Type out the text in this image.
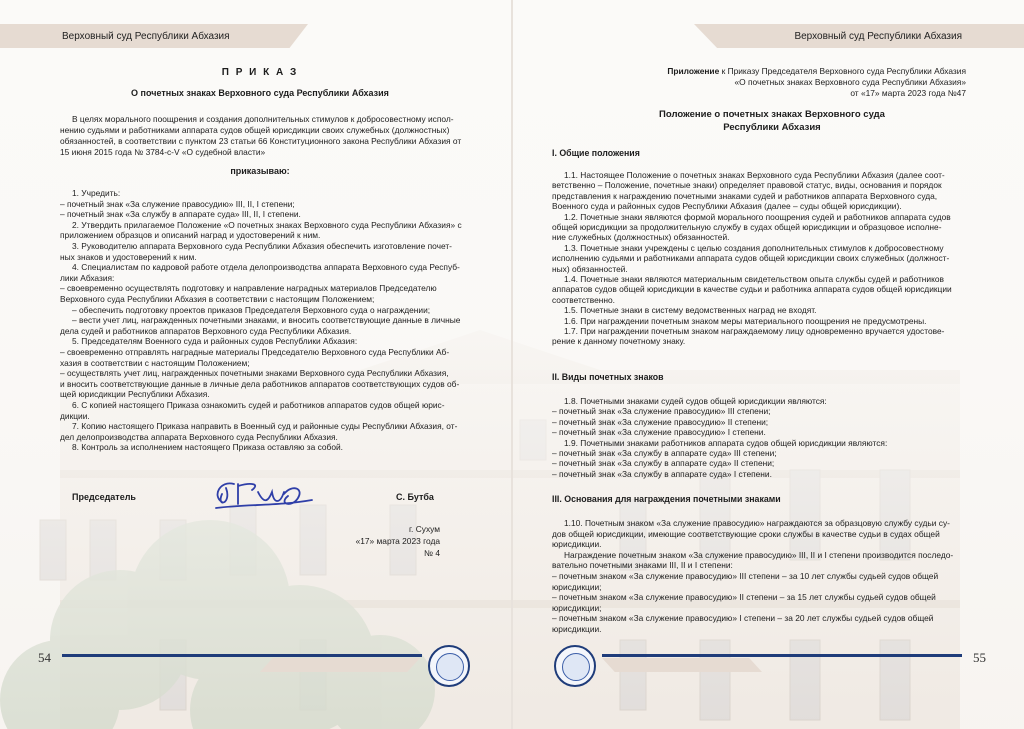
Верховный суд Республики Абхазия
П Р И К А З
О почетных знаках Верховного суда Республики Абхазия
В целях морального поощрения и создания дополнительных стимулов к добросовестному испол-
нению судьями и работниками аппарата судов общей юрисдикции своих служебных (должностных)
обязанностей, в соответствии с пунктом 23 статьи 66 Конституционного закона Республики Абхазия от
15 июня 2015 года № 3784-с-V «О судебной власти»
приказываю:
1. Учредить:
– почетный знак «За служение правосудию» III, II, I степени;
– почетный знак «За службу в аппарате суда» III, II, I степени.
2. Утвердить прилагаемое Положение «О почетных знаках Верховного суда Республики Абхазия» с
приложением образцов и описаний наград и удостоверений к ним.
3. Руководителю аппарата Верховного суда Республики Абхазия обеспечить изготовление почет-
ных знаков и удостоверений к ним.
4. Специалистам по кадровой работе отдела делопроизводства аппарата Верховного суда Респуб-
лики Абхазия:
– своевременно осуществлять подготовку и направление наградных материалов Председателю
Верховного суда Республики Абхазия в соответствии с настоящим Положением;
– обеспечить подготовку проектов приказов Председателя Верховного суда о награждении;
– вести учет лиц, награжденных почетными знаками, и вносить соответствующие данные в личные
дела судей и работников аппаратов Верховного суда Республики Абхазия.
5. Председателям Военного суда и районных судов Республики Абхазия:
– своевременно отправлять наградные материалы Председателю Верховного суда Республики Аб-
хазия в соответствии с настоящим Положением;
– осуществлять учет лиц, награжденных почетными знаками Верховного суда Республики Абхазия,
и вносить соответствующие данные в личные дела работников аппаратов соответствующих судов об-
щей юрисдикции Республики Абхазия.
6. С копией настоящего Приказа ознакомить судей и работников аппаратов судов общей юрис-
дикции.
7. Копию настоящего Приказа направить в Военный суд и районные суды Республики Абхазия, от-
дел делопроизводства аппарата Верховного суда Республики Абхазия.
8. Контроль за исполнением настоящего Приказа оставляю за собой.
Председатель	С. Бутба
г. Сухум
«17» марта 2023 года
№ 4
54
Верховный суд Республики Абхазия
Приложение к Приказу Председателя Верховного суда Республики Абхазия
«О почетных знаках Верховного суда Республики Абхазия»
от «17» марта 2023 года №47
Положение о почетных знаках Верховного суда
Республики Абхазия
I. Общие положения
1.1. Настоящее Положение о почетных знаках Верховного суда Республики Абхазия (далее соот-
ветственно – Положение, почетные знаки) определяет правовой статус, виды, основания и порядок
представления к награждению почетными знаками судей и работников аппарата Верховного суда,
Военного суда и районных судов Республики Абхазия (далее – суды общей юрисдикции).
1.2. Почетные знаки являются формой морального поощрения судей и работников аппарата судов
общей юрисдикции за продолжительную службу в судах общей юрисдикции и образцовое исполне-
ние служебных (должностных) обязанностей.
1.3. Почетные знаки учреждены с целью создания дополнительных стимулов к добросовестному
исполнению судьями и работниками аппарата судов общей юрисдикции своих служебных (должност-
ных) обязанностей.
1.4. Почетные знаки являются материальным свидетельством опыта службы судей и работников
аппаратов судов общей юрисдикции в качестве судьи и работника аппарата судов общей юрисдикции
соответственно.
1.5. Почетные знаки в систему ведомственных наград не входят.
1.6. При награждении почетным знаком меры материального поощрения не предусмотрены.
1.7. При награждении почетным знаком награждаемому лицу одновременно вручается удостове-
рение к данному почетному знаку.
II. Виды почетных знаков
1.8. Почетными знаками судей судов общей юрисдикции являются:
– почетный знак «За служение правосудию» III степени;
– почетный знак «За служение правосудию» II степени;
– почетный знак «За служение правосудию» I степени.
1.9. Почетными знаками работников аппарата судов общей юрисдикции являются:
– почетный знак «За службу в аппарате суда» III степени;
– почетный знак «За службу в аппарате суда» II степени;
– почетный знак «За службу в аппарате суда» I степени.
III. Основания для награждения почетными знаками
1.10. Почетным знаком «За служение правосудию» награждаются за образцовую службу судьи су-
дов общей юрисдикции, имеющие соответствующие сроки службы в качестве судьи в судах общей
юрисдикции.
Награждение почетным знаком «За служение правосудию» III, II и I степени производится последо-
вательно почетными знаками III, II и I степени:
– почетным знаком «За служение правосудию» III степени – за 10 лет службы судьей судов общей
юрисдикции;
– почетным знаком «За служение правосудию» II степени – за 15 лет службы судьей судов общей
юрисдикции;
– почетным знаком «За служение правосудию» I степени – за 20 лет службы судьей судов общей
юрисдикции.
55
